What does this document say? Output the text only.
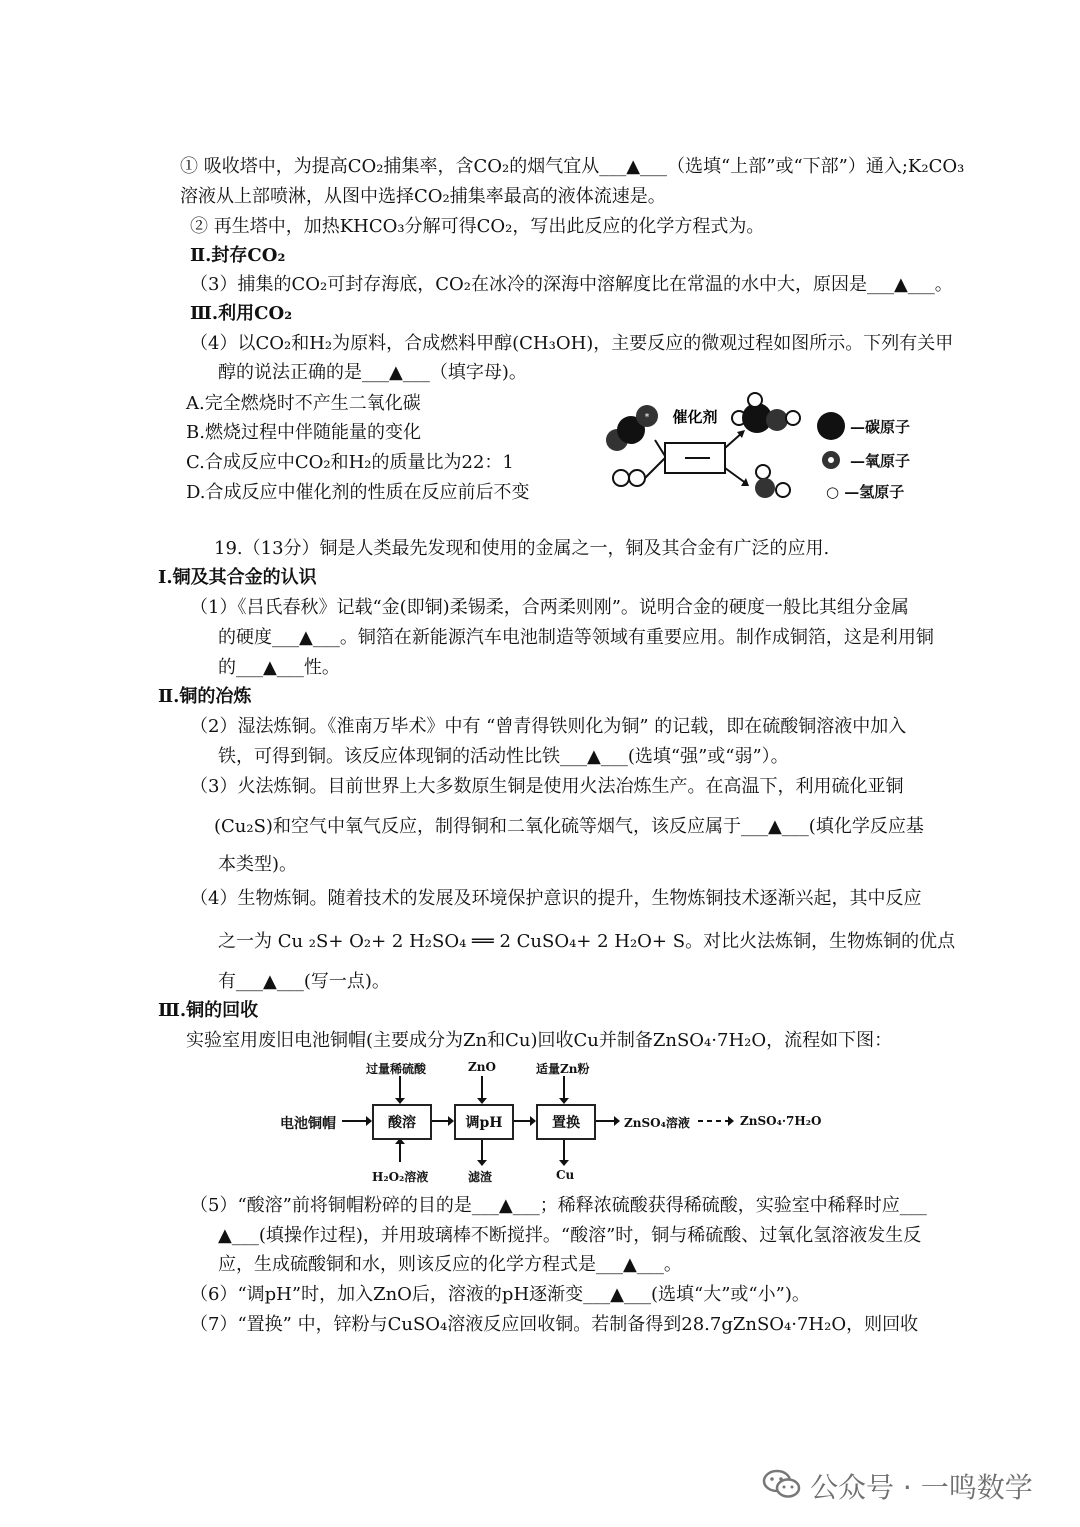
① 吸收塔中，为提高CO₂捕集率，含CO₂的烟气宜从___▲___（选填“上部”或“下部”）通入;K₂CO₃
溶液从上部喷淋，从图中选择CO₂捕集率最高的液体流速是。
② 再生塔中，加热KHCO₃分解可得CO₂，写出此反应的化学方程式为。
Ⅱ.封存CO₂
（3）捕集的CO₂可封存海底，CO₂在冰冷的深海中溶解度比在常温的水中大，原因是___▲___。
Ⅲ.利用CO₂
（4）以CO₂和H₂为原料，合成燃料甲醇(CH₃OH)，主要反应的微观过程如图所示。下列有关甲
醇的说法正确的是___▲___（填字母)。
A.完全燃烧时不产生二氧化碳
B.燃烧过程中伴随能量的变化
C.合成反应中CO₂和H₂的质量比为22：1
D.合成反应中催化剂的性质在反应前后不变
* 催化剂
—碳原子
—氧原子
○ —氢原子
19.（13分）铜是人类最先发现和使用的金属之一，铜及其合金有广泛的应用.
Ⅰ.铜及其合金的认识
（1）《吕氏春秋》记载“金(即铜)柔锡柔，合两柔则刚”。说明合金的硬度一般比其组分金属
的硬度___▲___。铜箔在新能源汽车电池制造等领域有重要应用。制作成铜箔，这是利用铜
的___▲___性。
Ⅱ.铜的冶炼
（2）湿法炼铜。《淮南万毕术》中有 “曾青得铁则化为铜” 的记载，即在硫酸铜溶液中加入
铁，可得到铜。该反应体现铜的活动性比铁___▲___(选填“强”或“弱”）。
（3）火法炼铜。目前世界上大多数原生铜是使用火法冶炼生产。在高温下，利用硫化亚铜
(Cu₂S)和空气中氧气反应，制得铜和二氧化硫等烟气，该反应属于___▲___(填化学反应基
本类型)。
（4）生物炼铜。随着技术的发展及环境保护意识的提升，生物炼铜技术逐渐兴起，其中反应
之一为 Cu ₂S+ O₂+ 2 H₂SO₄ ══ 2 CuSO₄+ 2 H₂O+ S。对比火法炼铜，生物炼铜的优点
有___▲___(写一点)。
Ⅲ.铜的回收
实验室用废旧电池铜帽(主要成分为Zn和Cu)回收Cu并制备ZnSO₄·7H₂O，流程如下图：
电池铜帽	酸溶	调pH	置换
过量稀硫酸	ZnO	适量Zn粉
H₂O₂溶液	滤渣	Cu
ZnSO₄溶液	ZnSO₄·7H₂O
（5）“酸溶”前将铜帽粉碎的目的是___▲___；稀释浓硫酸获得稀硫酸，实验室中稀释时应___
▲___(填操作过程)，并用玻璃棒不断搅拌。“酸溶”时，铜与稀硫酸、过氧化氢溶液发生反
应，生成硫酸铜和水，则该反应的化学方程式是___▲___。
（6）“调pH”时，加入ZnO后，溶液的pH逐渐变___▲___(选填“大”或“小”)。
（7）“置换” 中，锌粉与CuSO₄溶液反应回收铜。若制备得到28.7gZnSO₄·7H₂O，则回收
公众号 · 一鸣数学
